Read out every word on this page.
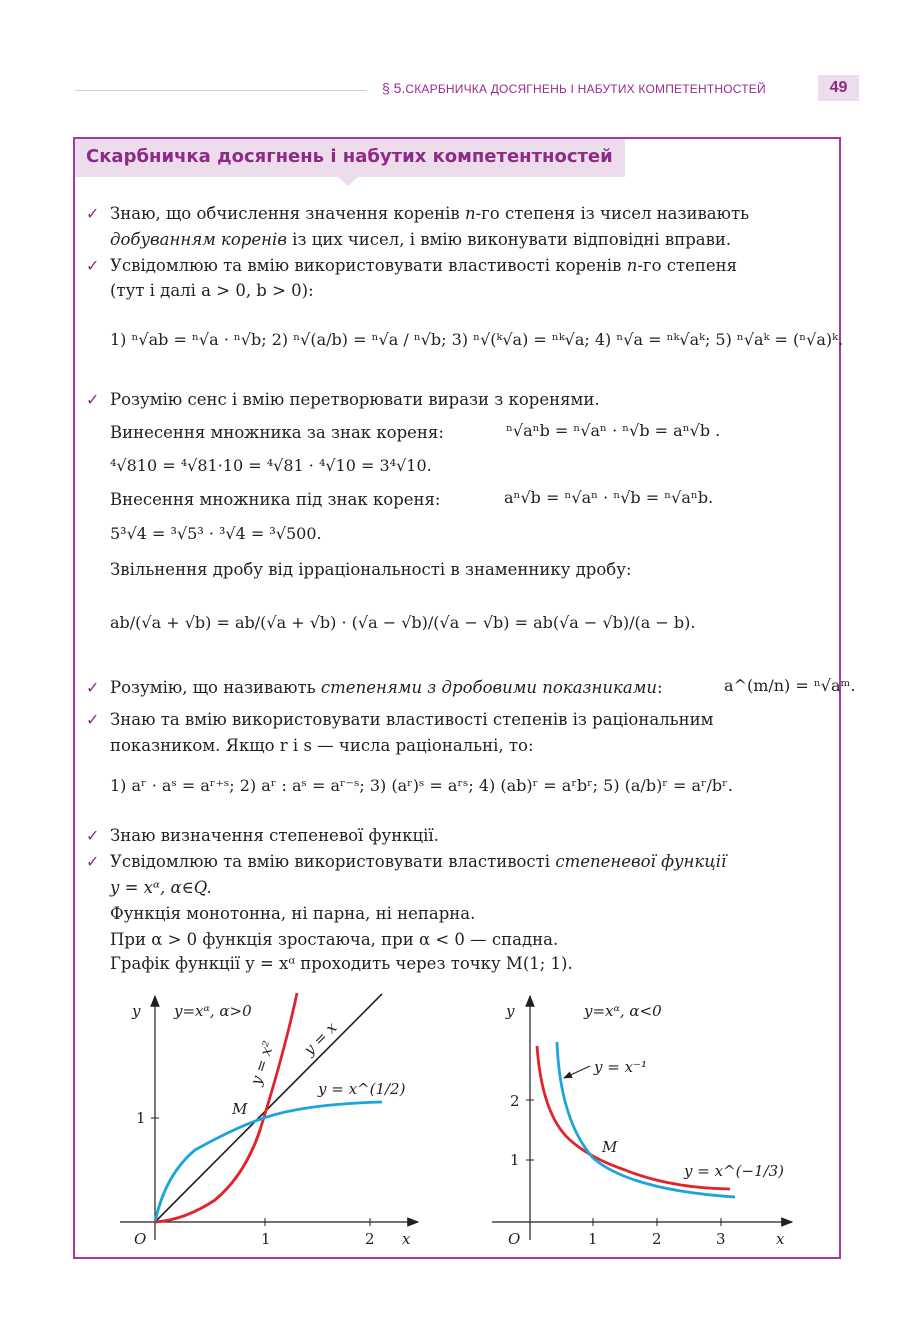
§ 5.СКАРБНИЧКА ДОСЯГНЕНЬ І НАБУТИХ КОМПЕТЕНТНОСТЕЙ	49
Скарбничка досягнень і набутих компетентностей
✓ Знаю, що обчислення значення коренів n-го степеня із чисел називають
добуванням коренів із цих чисел, і вмію виконувати відповідні вправи.
✓ Усвідомлюю та вмію використовувати властивості коренів n-го степеня
(тут і далі a > 0, b > 0):
1) ⁿ√ab = ⁿ√a · ⁿ√b; 2) ⁿ√(a/b) = ⁿ√a / ⁿ√b; 3) ⁿ√(ᵏ√a) = ⁿᵏ√a; 4) ⁿ√a = ⁿᵏ√aᵏ; 5) ⁿ√aᵏ = (ⁿ√a)ᵏ.
✓ Розумію сенс і вмію перетворювати вирази з коренями.
Винесення множника за знак кореня:	ⁿ√aⁿb = ⁿ√aⁿ · ⁿ√b = aⁿ√b .
⁴√810 = ⁴√81·10 = ⁴√81 · ⁴√10 = 3⁴√10.
Внесення множника під знак кореня:	aⁿ√b = ⁿ√aⁿ · ⁿ√b = ⁿ√aⁿb.
5³√4 = ³√5³ · ³√4 = ³√500.
Звільнення дробу від ірраціональності в знаменнику дробу:
ab/(√a + √b) = ab/(√a + √b) · (√a − √b)/(√a − √b) = ab(√a − √b)/(a − b).
✓ Розумію, що називають степенями з дробовими показниками:	a^(m/n) = ⁿ√aᵐ.
✓ Знаю та вмію використовувати властивості степенів із раціональним
показником. Якщо r і s — числа раціональні, то:
1) aʳ · aˢ = aʳ⁺ˢ; 2) aʳ : aˢ = aʳ⁻ˢ; 3) (aʳ)ˢ = aʳˢ; 4) (ab)ʳ = aʳbʳ; 5) (a/b)ʳ = aʳ/bʳ.
✓ Знаю визначення степеневої функції.
✓ Усвідомлюю та вмію використовувати властивості степеневої функції
y = xᵅ, α∈Q.
Функція монотонна, ні парна, ні непарна.
При α > 0 функція зростаюча, при α < 0 — спадна.
Графік функції y = xᵅ проходить через точку M(1; 1).
y
x
O
M
1
1	2
y=xᵅ, α>0
y = x²
y = x
y = x^(1/2)
y
x
O
M
1
2
1	2	3
y=xᵅ, α<0
y = x⁻¹
y = x^(−1/3)
